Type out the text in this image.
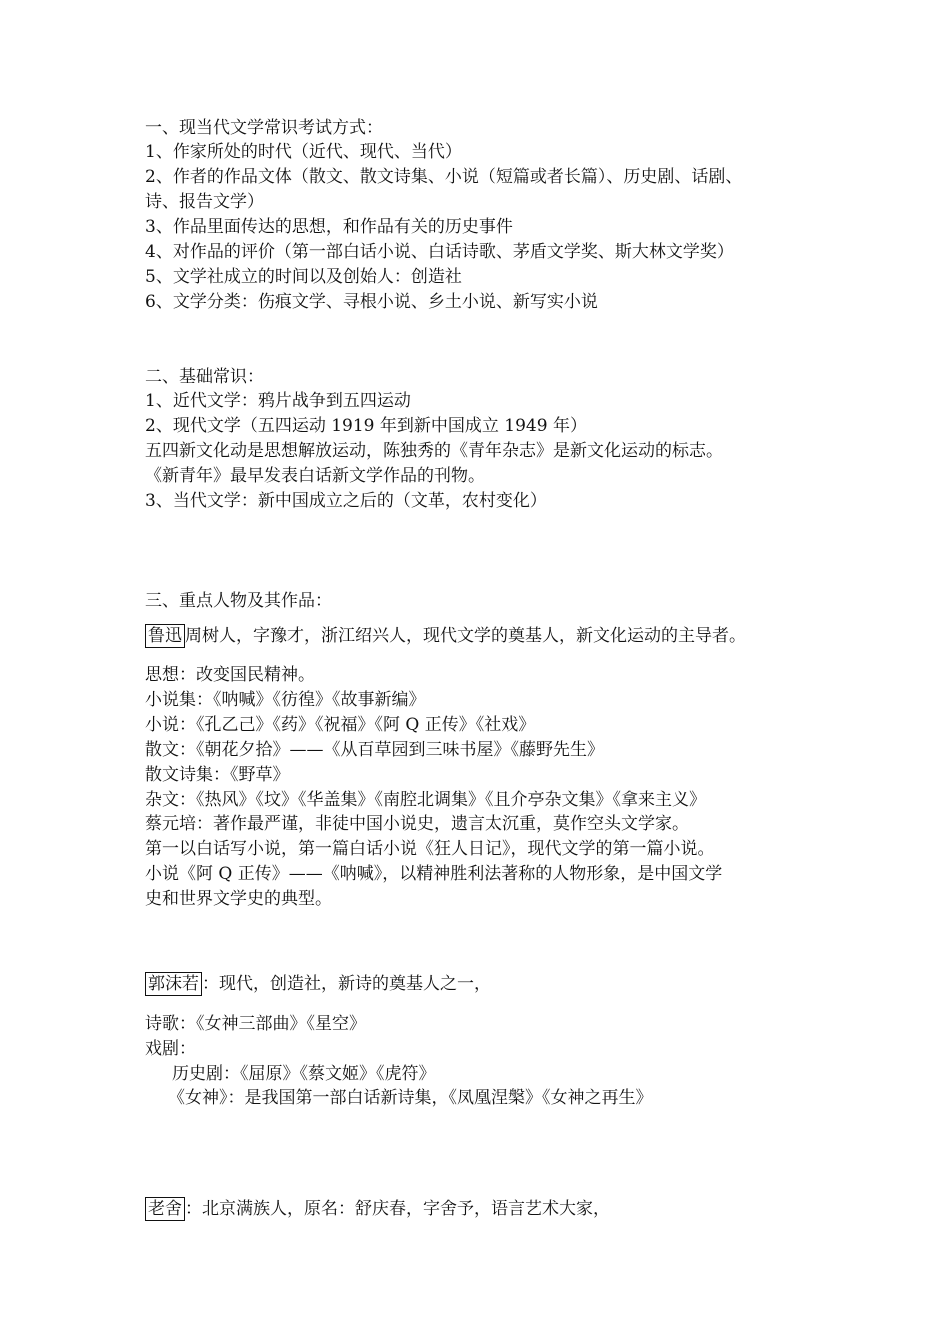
一、现当代文学常识考试方式：
1、作家所处的时代（近代、现代、当代）
2、作者的作品文体（散文、散文诗集、小说（短篇或者长篇）、历史剧、话剧、
诗、报告文学）
3、作品里面传达的思想，和作品有关的历史事件
4、对作品的评价（第一部白话小说、白话诗歌、茅盾文学奖、斯大林文学奖）
5、文学社成立的时间以及创始人：创造社
6、文学分类：伤痕文学、寻根小说、乡土小说、新写实小说
二、基础常识：
1、近代文学：鸦片战争到五四运动
2、现代文学（五四运动 1919 年到新中国成立 1949 年）
五四新文化动是思想解放运动，陈独秀的《青年杂志》是新文化运动的标志。
《新青年》最早发表白话新文学作品的刊物。
3、当代文学：新中国成立之后的（文革，农村变化）
三、重点人物及其作品：
鲁迅 周树人，字豫才，浙江绍兴人，现代文学的奠基人，新文化运动的主导者。
思想：改变国民精神。
小说集：《呐喊》《彷徨》《故事新编》
小说：《孔乙己》《药》《祝福》《阿 Q 正传》《社戏》
散文：《朝花夕拾》——《从百草园到三味书屋》《藤野先生》
散文诗集：《野草》
杂文：《热风》《坟》《华盖集》《南腔北调集》《且介亭杂文集》《拿来主义》
蔡元培：著作最严谨，非徒中国小说史，遗言太沉重，莫作空头文学家。
第一以白话写小说，第一篇白话小说《狂人日记》，现代文学的第一篇小说。
小说《阿 Q 正传》——《呐喊》，以精神胜利法著称的人物形象，是中国文学
史和世界文学史的典型。
郭沫若 ：现代，创造社，新诗的奠基人之一，
诗歌：《女神三部曲》《星空》
戏剧：
历史剧：《屈原》《蔡文姬》《虎符》
《女神》：是我国第一部白话新诗集，《凤凰涅槃》《女神之再生》
老舍 ：北京满族人，原名：舒庆春，字舍予，语言艺术大家，
